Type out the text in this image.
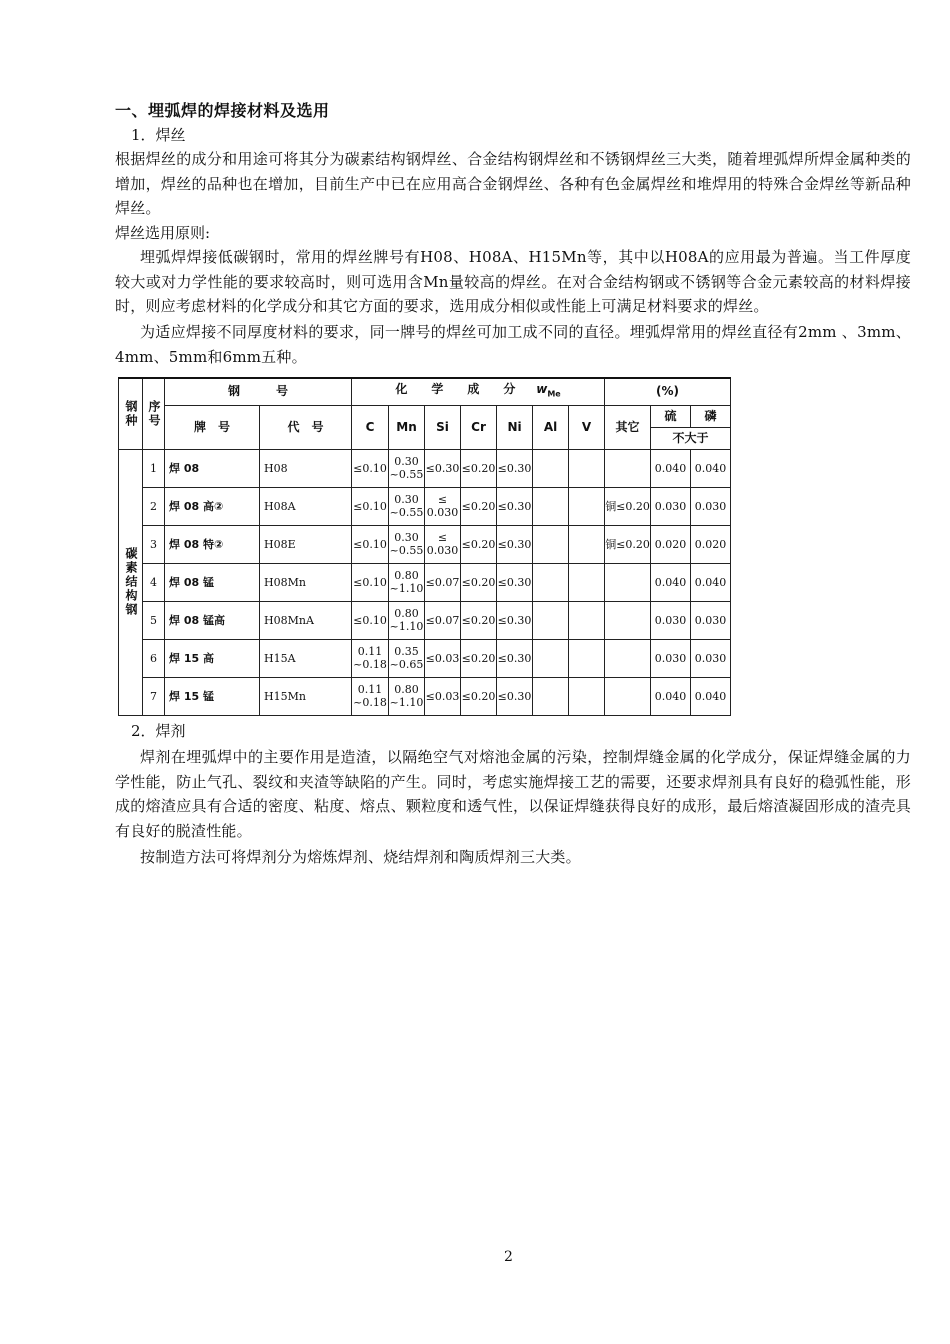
一、埋弧焊的焊接材料及选用
1．焊丝
根据焊丝的成分和用途可将其分为碳素结构钢焊丝、合金结构钢焊丝和不锈钢焊丝三大类，随着埋弧焊所焊金属种类的增加，焊丝的品种也在增加，目前生产中已在应用高合金钢焊丝、各种有色金属焊丝和堆焊用的特殊合金焊丝等新品种焊丝。
焊丝选用原则:
埋弧焊焊接低碳钢时，常用的焊丝牌号有H08、H08A、H15Mn等，其中以H08A的应用最为普遍。当工件厚度较大或对力学性能的要求较高时，则可选用含Mn量较高的焊丝。在对合金结构钢或不锈钢等合金元素较高的材料焊接时，则应考虑材料的化学成分和其它方面的要求，选用成分相似或性能上可满足材料要求的焊丝。
为适应焊接不同厚度材料的要求，同一牌号的焊丝可加工成不同的直径。埋弧焊常用的焊丝直径有2mm 、3mm、4mm、5mm和6mm五种。
钢种	序号	钢　　　号		化　　学　　成　　分 $w_{Me}$							(%)		
		牌　号	代　号	C	Mn	Si	Cr	Ni	Al	V	其它	硫	磷
												不大于	
碳素结构钢	1	焊 08	H08	≤0.10	0.30
~0.55	≤0.30	≤0.20	≤0.30				0.040	0.040
	2	焊 08 高②	H08A	≤0.10	0.30
~0.55	≤
0.030	≤0.20	≤0.30			铜≤0.20	0.030	0.030
	3	焊 08 特②	H08E	≤0.10	0.30
~0.55	≤
0.030	≤0.20	≤0.30			铜≤0.20	0.020	0.020
	4	焊 08 锰	H08Mn	≤0.10	0.80
~1.10	≤0.07	≤0.20	≤0.30				0.040	0.040
	5	焊 08 锰高	H08MnA	≤0.10	0.80
~1.10	≤0.07	≤0.20	≤0.30				0.030	0.030
	6	焊 15 高	H15A	0.11
~0.18	0.35
~0.65	≤0.03	≤0.20	≤0.30				0.030	0.030
	7	焊 15 锰	H15Mn	0.11
~0.18	0.80
~1.10	≤0.03	≤0.20	≤0.30				0.040	0.040
2．焊剂
焊剂在埋弧焊中的主要作用是造渣，以隔绝空气对熔池金属的污染，控制焊缝金属的化学成分，保证焊缝金属的力学性能，防止气孔、裂纹和夹渣等缺陷的产生。同时，考虑实施焊接工艺的需要，还要求焊剂具有良好的稳弧性能，形成的熔渣应具有合适的密度、粘度、熔点、颗粒度和透气性，以保证焊缝获得良好的成形，最后熔渣凝固形成的渣壳具有良好的脱渣性能。
按制造方法可将焊剂分为熔炼焊剂、烧结焊剂和陶质焊剂三大类。
2
